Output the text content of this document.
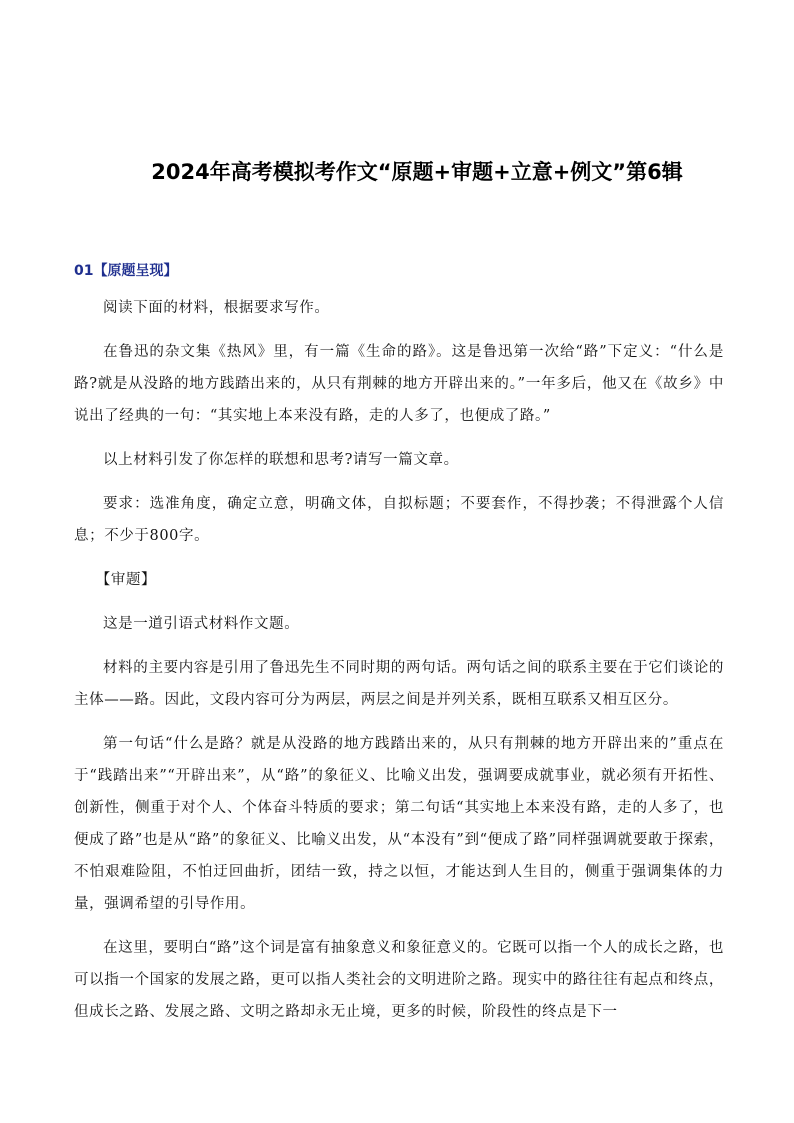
2024年高考模拟考作文“原题+审题+立意+例文”第6辑
01【原题呈现】

阅读下面的材料，根据要求写作。

在鲁迅的杂文集《热风》里，有一篇《生命的路》。这是鲁迅第一次给“路”下定义：“什么是路?就是从没路的地方践踏出来的，从只有荆棘的地方开辟出来的。”一年多后，他又在《故乡》中说出了经典的一句：“其实地上本来没有路，走的人多了，也便成了路。”

以上材料引发了你怎样的联想和思考?请写一篇文章。

要求：选准角度，确定立意，明确文体，自拟标题；不要套作，不得抄袭；不得泄露个人信息；不少于800字。

【审题】

这是一道引语式材料作文题。

材料的主要内容是引用了鲁迅先生不同时期的两句话。两句话之间的联系主要在于它们谈论的主体——路。因此，文段内容可分为两层，两层之间是并列关系，既相互联系又相互区分。

第一句话“什么是路？就是从没路的地方践踏出来的，从只有荆棘的地方开辟出来的”重点在于“践踏出来”“开辟出来”，从“路”的象征义、比喻义出发，强调要成就事业，就必须有开拓性、创新性，侧重于对个人、个体奋斗特质的要求；第二句话“其实地上本来没有路，走的人多了，也便成了路”也是从“路”的象征义、比喻义出发，从“本没有”到“便成了路”同样强调就要敢于探索，不怕艰难险阻，不怕迂回曲折，团结一致，持之以恒，才能达到人生目的，侧重于强调集体的力量，强调希望的引导作用。

在这里，要明白“路”这个词是富有抽象意义和象征意义的。它既可以指一个人的成长之路，也可以指一个国家的发展之路，更可以指人类社会的文明进阶之路。现实中的路往往有起点和终点，但成长之路、发展之路、文明之路却永无止境，更多的时候，阶段性的终点是下一
